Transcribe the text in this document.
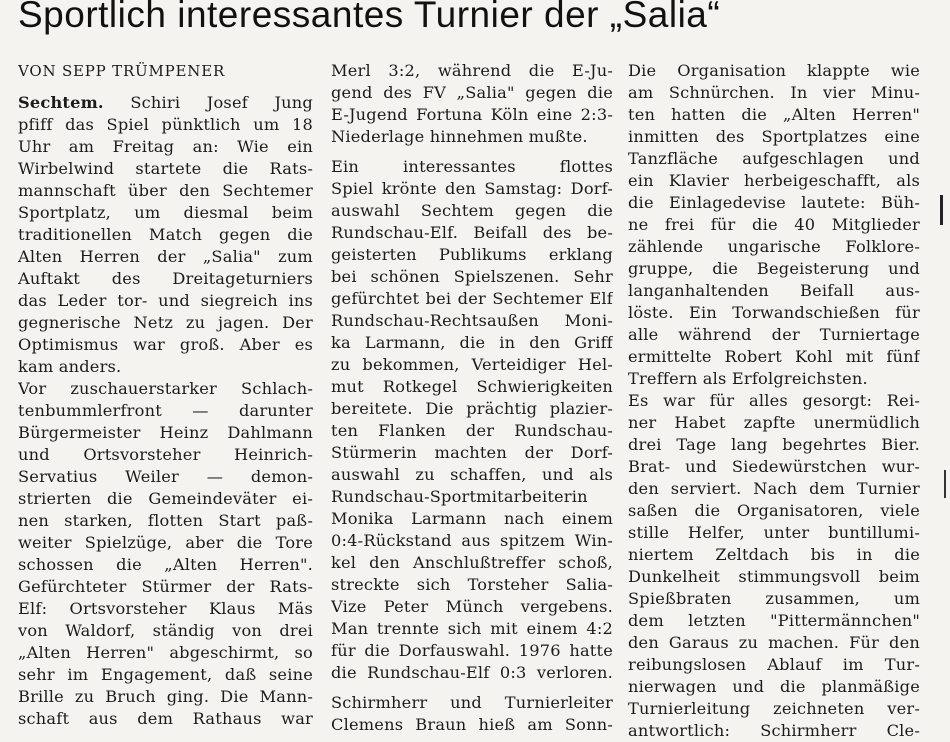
Sportlich interessantes Turnier der „Salia“
VON SEPP TRÜMPENER
Sechtem. Schiri Josef Jung
pfiff das Spiel pünktlich um 18
Uhr am Freitag an: Wie ein
Wirbelwind startete die Rats-
mannschaft über den Sechtemer
Sportplatz, um diesmal beim
traditionellen Match gegen die
Alten Herren der „Salia" zum
Auftakt des Dreitageturniers
das Leder tor- und siegreich ins
gegnerische Netz zu jagen. Der
Optimismus war groß. Aber es
kam anders.
Vor zuschauerstarker Schlach-
tenbummlerfront — darunter
Bürgermeister Heinz Dahlmann
und Ortsvorsteher Heinrich-
Servatius Weiler — demon-
strierten die Gemeindeväter ei-
nen starken, flotten Start paß-
weiter Spielzüge, aber die Tore
schossen die „Alten Herren".
Gefürchteter Stürmer der Rats-
Elf: Ortsvorsteher Klaus Mäs
von Waldorf, ständig von drei
„Alten Herren" abgeschirmt, so
sehr im Engagement, daß seine
Brille zu Bruch ging. Die Mann-
schaft aus dem Rathaus war
Merl 3:2, während die E-Ju-
gend des FV „Salia" gegen die
E-Jugend Fortuna Köln eine 2:3-
Niederlage hinnehmen mußte.
Ein interessantes flottes
Spiel krönte den Samstag: Dorf-
auswahl Sechtem gegen die
Rundschau-Elf. Beifall des be-
geisterten Publikums erklang
bei schönen Spielszenen. Sehr
gefürchtet bei der Sechtemer Elf
Rundschau-Rechtsaußen Moni-
ka Larmann, die in den Griff
zu bekommen, Verteidiger Hel-
mut Rotkegel Schwierigkeiten
bereitete. Die prächtig plazier-
ten Flanken der Rundschau-
Stürmerin machten der Dorf-
auswahl zu schaffen, und als
Rundschau-Sportmitarbeiterin
Monika Larmann nach einem
0:4-Rückstand aus spitzem Win-
kel den Anschlußtreffer schoß,
streckte sich Torsteher Salia-
Vize Peter Münch vergebens.
Man trennte sich mit einem 4:2
für die Dorfauswahl. 1976 hatte
die Rundschau-Elf 0:3 verloren.
Schirmherr und Turnierleiter
Clemens Braun hieß am Sonn-
Die Organisation klappte wie
am Schnürchen. In vier Minu-
ten hatten die „Alten Herren"
inmitten des Sportplatzes eine
Tanzfläche aufgeschlagen und
ein Klavier herbeigeschafft, als
die Einlagedevise lautete: Büh-
ne frei für die 40 Mitglieder
zählende ungarische Folklore-
gruppe, die Begeisterung und
langanhaltenden Beifall aus-
löste. Ein Torwandschießen für
alle während der Turniertage
ermittelte Robert Kohl mit fünf
Treffern als Erfolgreichsten.
Es war für alles gesorgt: Rei-
ner Habet zapfte unermüdlich
drei Tage lang begehrtes Bier.
Brat- und Siedewürstchen wur-
den serviert. Nach dem Turnier
saßen die Organisatoren, viele
stille Helfer, unter buntillumi-
niertem Zeltdach bis in die
Dunkelheit stimmungsvoll beim
Spießbraten zusammen, um
dem letzten "Pittermännchen"
den Garaus zu machen. Für den
reibungslosen Ablauf im Tur-
nierwagen und die planmäßige
Turnierleitung zeichneten ver-
antwortlich: Schirmherr Cle-
